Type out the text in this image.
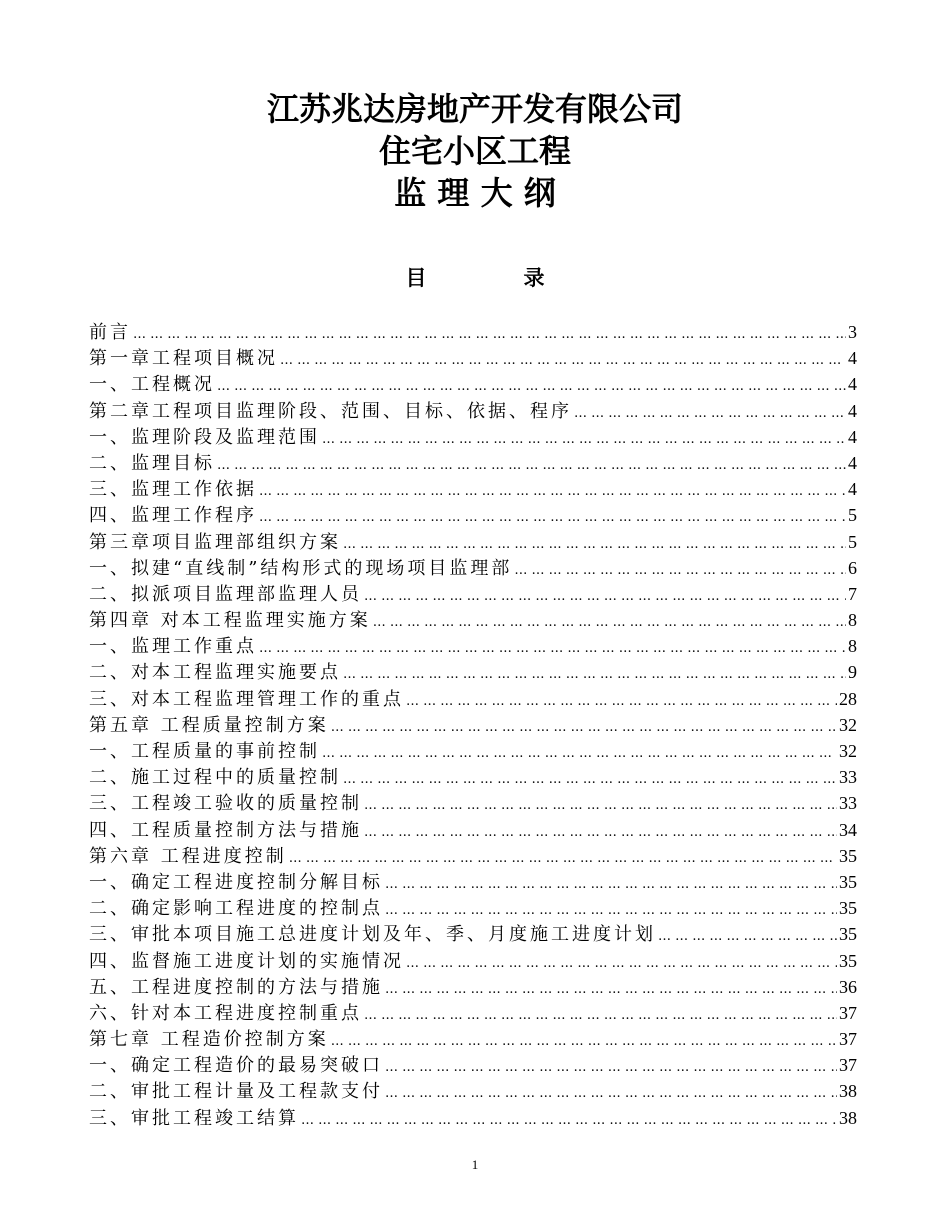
江苏兆达房地产开发有限公司
住宅小区工程
监 理 大 纲
目　录
前言 … … … … … … … … … … … … … … … … … … … … … … … … … … … … … … … … … … … … … … … … … … … … … … … … … … … … … … … … … … … … … … … … … … … … … … … … … … …	3
第一章工程项目概况 … … … … … … … … … … … … … … … … … … … … … … … … … … … … … … … … … … … … … … … … … … … … … … … … … … … … … … … … … … … … … … … … … … … … … … … … … … …	4
一、工程概况 … … … … … … … … … … … … … … … … … … … … … … … … … … … … … … … … … … … … … … … … … … … … … … … … … … … … … … … … … … … … … … … … … … … … … … … … … … …	4
第二章工程项目监理阶段、范围、目标、依据、程序 … … … … … … … … … … … … … … … … … … … … … … … … … … … … … … … … … … … … … … … … … … … … … … … … … … … … … … … … … … … … … … … … … … … … … … … … … … …	4
一、监理阶段及监理范围 … … … … … … … … … … … … … … … … … … … … … … … … … … … … … … … … … … … … … … … … … … … … … … … … … … … … … … … … … … … … … … … … … … … … … … … … … … …	4
二、监理目标 … … … … … … … … … … … … … … … … … … … … … … … … … … … … … … … … … … … … … … … … … … … … … … … … … … … … … … … … … … … … … … … … … … … … … … … … … … …	4
三、监理工作依据 … … … … … … … … … … … … … … … … … … … … … … … … … … … … … … … … … … … … … … … … … … … … … … … … … … … … … … … … … … … … … … … … … … … … … … … … … … …	4
四、监理工作程序 … … … … … … … … … … … … … … … … … … … … … … … … … … … … … … … … … … … … … … … … … … … … … … … … … … … … … … … … … … … … … … … … … … … … … … … … … … …	5
第三章项目监理部组织方案 … … … … … … … … … … … … … … … … … … … … … … … … … … … … … … … … … … … … … … … … … … … … … … … … … … … … … … … … … … … … … … … … … … … … … … … … … … …	5
一、拟建“直线制”结构形式的现场项目监理部 … … … … … … … … … … … … … … … … … … … … … … … … … … … … … … … … … … … … … … … … … … … … … … … … … … … … … … … … … … … … … … … … … … … … … … … … … … …	6
二、拟派项目监理部监理人员 … … … … … … … … … … … … … … … … … … … … … … … … … … … … … … … … … … … … … … … … … … … … … … … … … … … … … … … … … … … … … … … … … … … … … … … … … … …	7
第四章 对本工程监理实施方案 … … … … … … … … … … … … … … … … … … … … … … … … … … … … … … … … … … … … … … … … … … … … … … … … … … … … … … … … … … … … … … … … … … … … … … … … … … …	8
一、监理工作重点 … … … … … … … … … … … … … … … … … … … … … … … … … … … … … … … … … … … … … … … … … … … … … … … … … … … … … … … … … … … … … … … … … … … … … … … … … … …	8
二、对本工程监理实施要点 … … … … … … … … … … … … … … … … … … … … … … … … … … … … … … … … … … … … … … … … … … … … … … … … … … … … … … … … … … … … … … … … … … … … … … … … … … …	9
三、对本工程监理管理工作的重点 … … … … … … … … … … … … … … … … … … … … … … … … … … … … … … … … … … … … … … … … … … … … … … … … … … … … … … … … … … … … … … … … … … … … … … … … … … …	28
第五章 工程质量控制方案 … … … … … … … … … … … … … … … … … … … … … … … … … … … … … … … … … … … … … … … … … … … … … … … … … … … … … … … … … … … … … … … … … … … … … … … … … … …	32
一、工程质量的事前控制 … … … … … … … … … … … … … … … … … … … … … … … … … … … … … … … … … … … … … … … … … … … … … … … … … … … … … … … … … … … … … … … … … … … … … … … … … … …	32
二、施工过程中的质量控制 … … … … … … … … … … … … … … … … … … … … … … … … … … … … … … … … … … … … … … … … … … … … … … … … … … … … … … … … … … … … … … … … … … … … … … … … … … …	33
三、工程竣工验收的质量控制 … … … … … … … … … … … … … … … … … … … … … … … … … … … … … … … … … … … … … … … … … … … … … … … … … … … … … … … … … … … … … … … … … … … … … … … … … … …	33
四、工程质量控制方法与措施 … … … … … … … … … … … … … … … … … … … … … … … … … … … … … … … … … … … … … … … … … … … … … … … … … … … … … … … … … … … … … … … … … … … … … … … … … … …	34
第六章 工程进度控制 … … … … … … … … … … … … … … … … … … … … … … … … … … … … … … … … … … … … … … … … … … … … … … … … … … … … … … … … … … … … … … … … … … … … … … … … … … …	35
一、确定工程进度控制分解目标 … … … … … … … … … … … … … … … … … … … … … … … … … … … … … … … … … … … … … … … … … … … … … … … … … … … … … … … … … … … … … … … … … … … … … … … … … … …	35
二、确定影响工程进度的控制点 … … … … … … … … … … … … … … … … … … … … … … … … … … … … … … … … … … … … … … … … … … … … … … … … … … … … … … … … … … … … … … … … … … … … … … … … … … …	35
三、审批本项目施工总进度计划及年、季、月度施工进度计划 … … … … … … … … … … … … … … … … … … … … … … … … … … … … … … … … … … … … … … … … … … … … … … … … … … … … … … … … … … … … … … … … … … … … … … … … … … …	35
四、监督施工进度计划的实施情况 … … … … … … … … … … … … … … … … … … … … … … … … … … … … … … … … … … … … … … … … … … … … … … … … … … … … … … … … … … … … … … … … … … … … … … … … … … …	35
五、工程进度控制的方法与措施 … … … … … … … … … … … … … … … … … … … … … … … … … … … … … … … … … … … … … … … … … … … … … … … … … … … … … … … … … … … … … … … … … … … … … … … … … … …	36
六、针对本工程进度控制重点 … … … … … … … … … … … … … … … … … … … … … … … … … … … … … … … … … … … … … … … … … … … … … … … … … … … … … … … … … … … … … … … … … … … … … … … … … … …	37
第七章 工程造价控制方案 … … … … … … … … … … … … … … … … … … … … … … … … … … … … … … … … … … … … … … … … … … … … … … … … … … … … … … … … … … … … … … … … … … … … … … … … … … …	37
一、确定工程造价的最易突破口 … … … … … … … … … … … … … … … … … … … … … … … … … … … … … … … … … … … … … … … … … … … … … … … … … … … … … … … … … … … … … … … … … … … … … … … … … … …	37
二、审批工程计量及工程款支付 … … … … … … … … … … … … … … … … … … … … … … … … … … … … … … … … … … … … … … … … … … … … … … … … … … … … … … … … … … … … … … … … … … … … … … … … … … …	38
三、审批工程竣工结算 … … … … … … … … … … … … … … … … … … … … … … … … … … … … … … … … … … … … … … … … … … … … … … … … … … … … … … … … … … … … … … … … … … … … … … … … … … …	38
1
